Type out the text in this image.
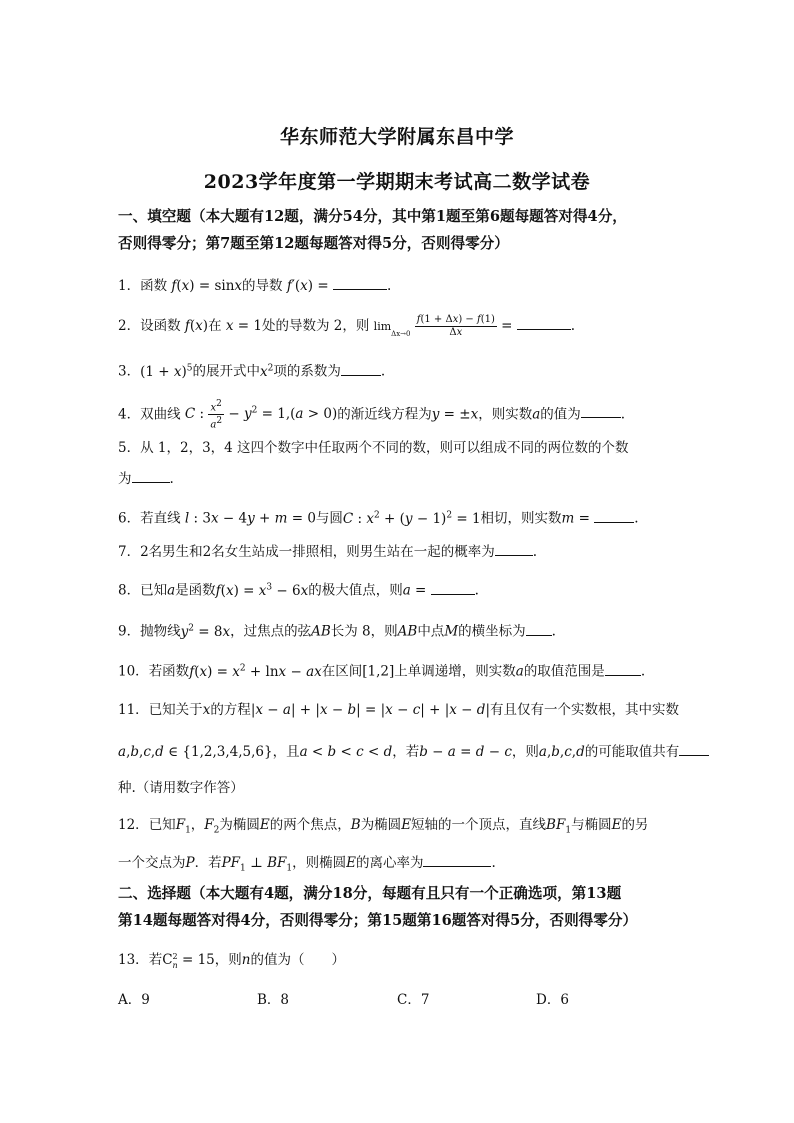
华东师范大学附属东昌中学
2023学年度第一学期期末考试高二数学试卷
一、填空题（本大题有12题，满分54分，其中第1题至第6题每题答对得4分，
否则得零分；第7题至第12题每题答对得5分，否则得零分）
1．函数 f(x) = sinx的导数 f′(x) =	.
2．设函数 f(x)在 x = 1处的导数为 2，则 $\lim_{\Delta x\to 0} \frac{f(1 + \Delta x) - f(1)}{\Delta x}$ =	.
3．$(1 + x)^5$的展开式中$x^2$项的系数为	.
4．双曲线 C : $\frac{x^2}{a^2} - y^2 = 1,(a > 0)$的渐近线方程为y = ±x，则实数a的值为	.
5．从 1，2，3，4 这四个数字中任取两个不同的数，则可以组成不同的两位数的个数
为	.
6．若直线 l : 3x − 4y + m = 0与圆C : $x^2 + (y - 1)^2 = 1$相切，则实数m =	.
7．2名男生和2名女生站成一排照相，则男生站在一起的概率为	.
8．已知a是函数$f(x) = x^3 - 6x$的极大值点，则a =	.
9．抛物线$y^2 = 8x$，过焦点的弦AB长为 8，则AB中点M的横坐标为 .
10．若函数$f(x) = x^2 + \ln x$ − ax在区间[1,2]上单调递增，则实数a的取值范围是	.
11．已知关于x的方程|x − a| + |x − b| = |x − c| + |x − d|有且仅有一个实数根，其中实数
a,b,c,d ∈ {1,2,3,4,5,6}，且a < b < c < d，若b − a = d − c，则a,b,c,d的可能取值共有
种.（请用数字作答）
12．已知$F_1$，$F_2$为椭圆E的两个焦点，B为椭圆E短轴的一个顶点，直线$BF_1$与椭圆E的另
一个交点为P．若$PF_1$ ⊥ $BF_1$，则椭圆E的离心率为	.
二、选择题（本大题有4题，满分18分，每题有且只有一个正确选项，第13题
第14题每题答对得4分，否则得零分；第15题第16题答对得5分，否则得零分）
13．若C 2
n = 15，则n的值为（　　）
A．9	B．8	C．7	D．6
